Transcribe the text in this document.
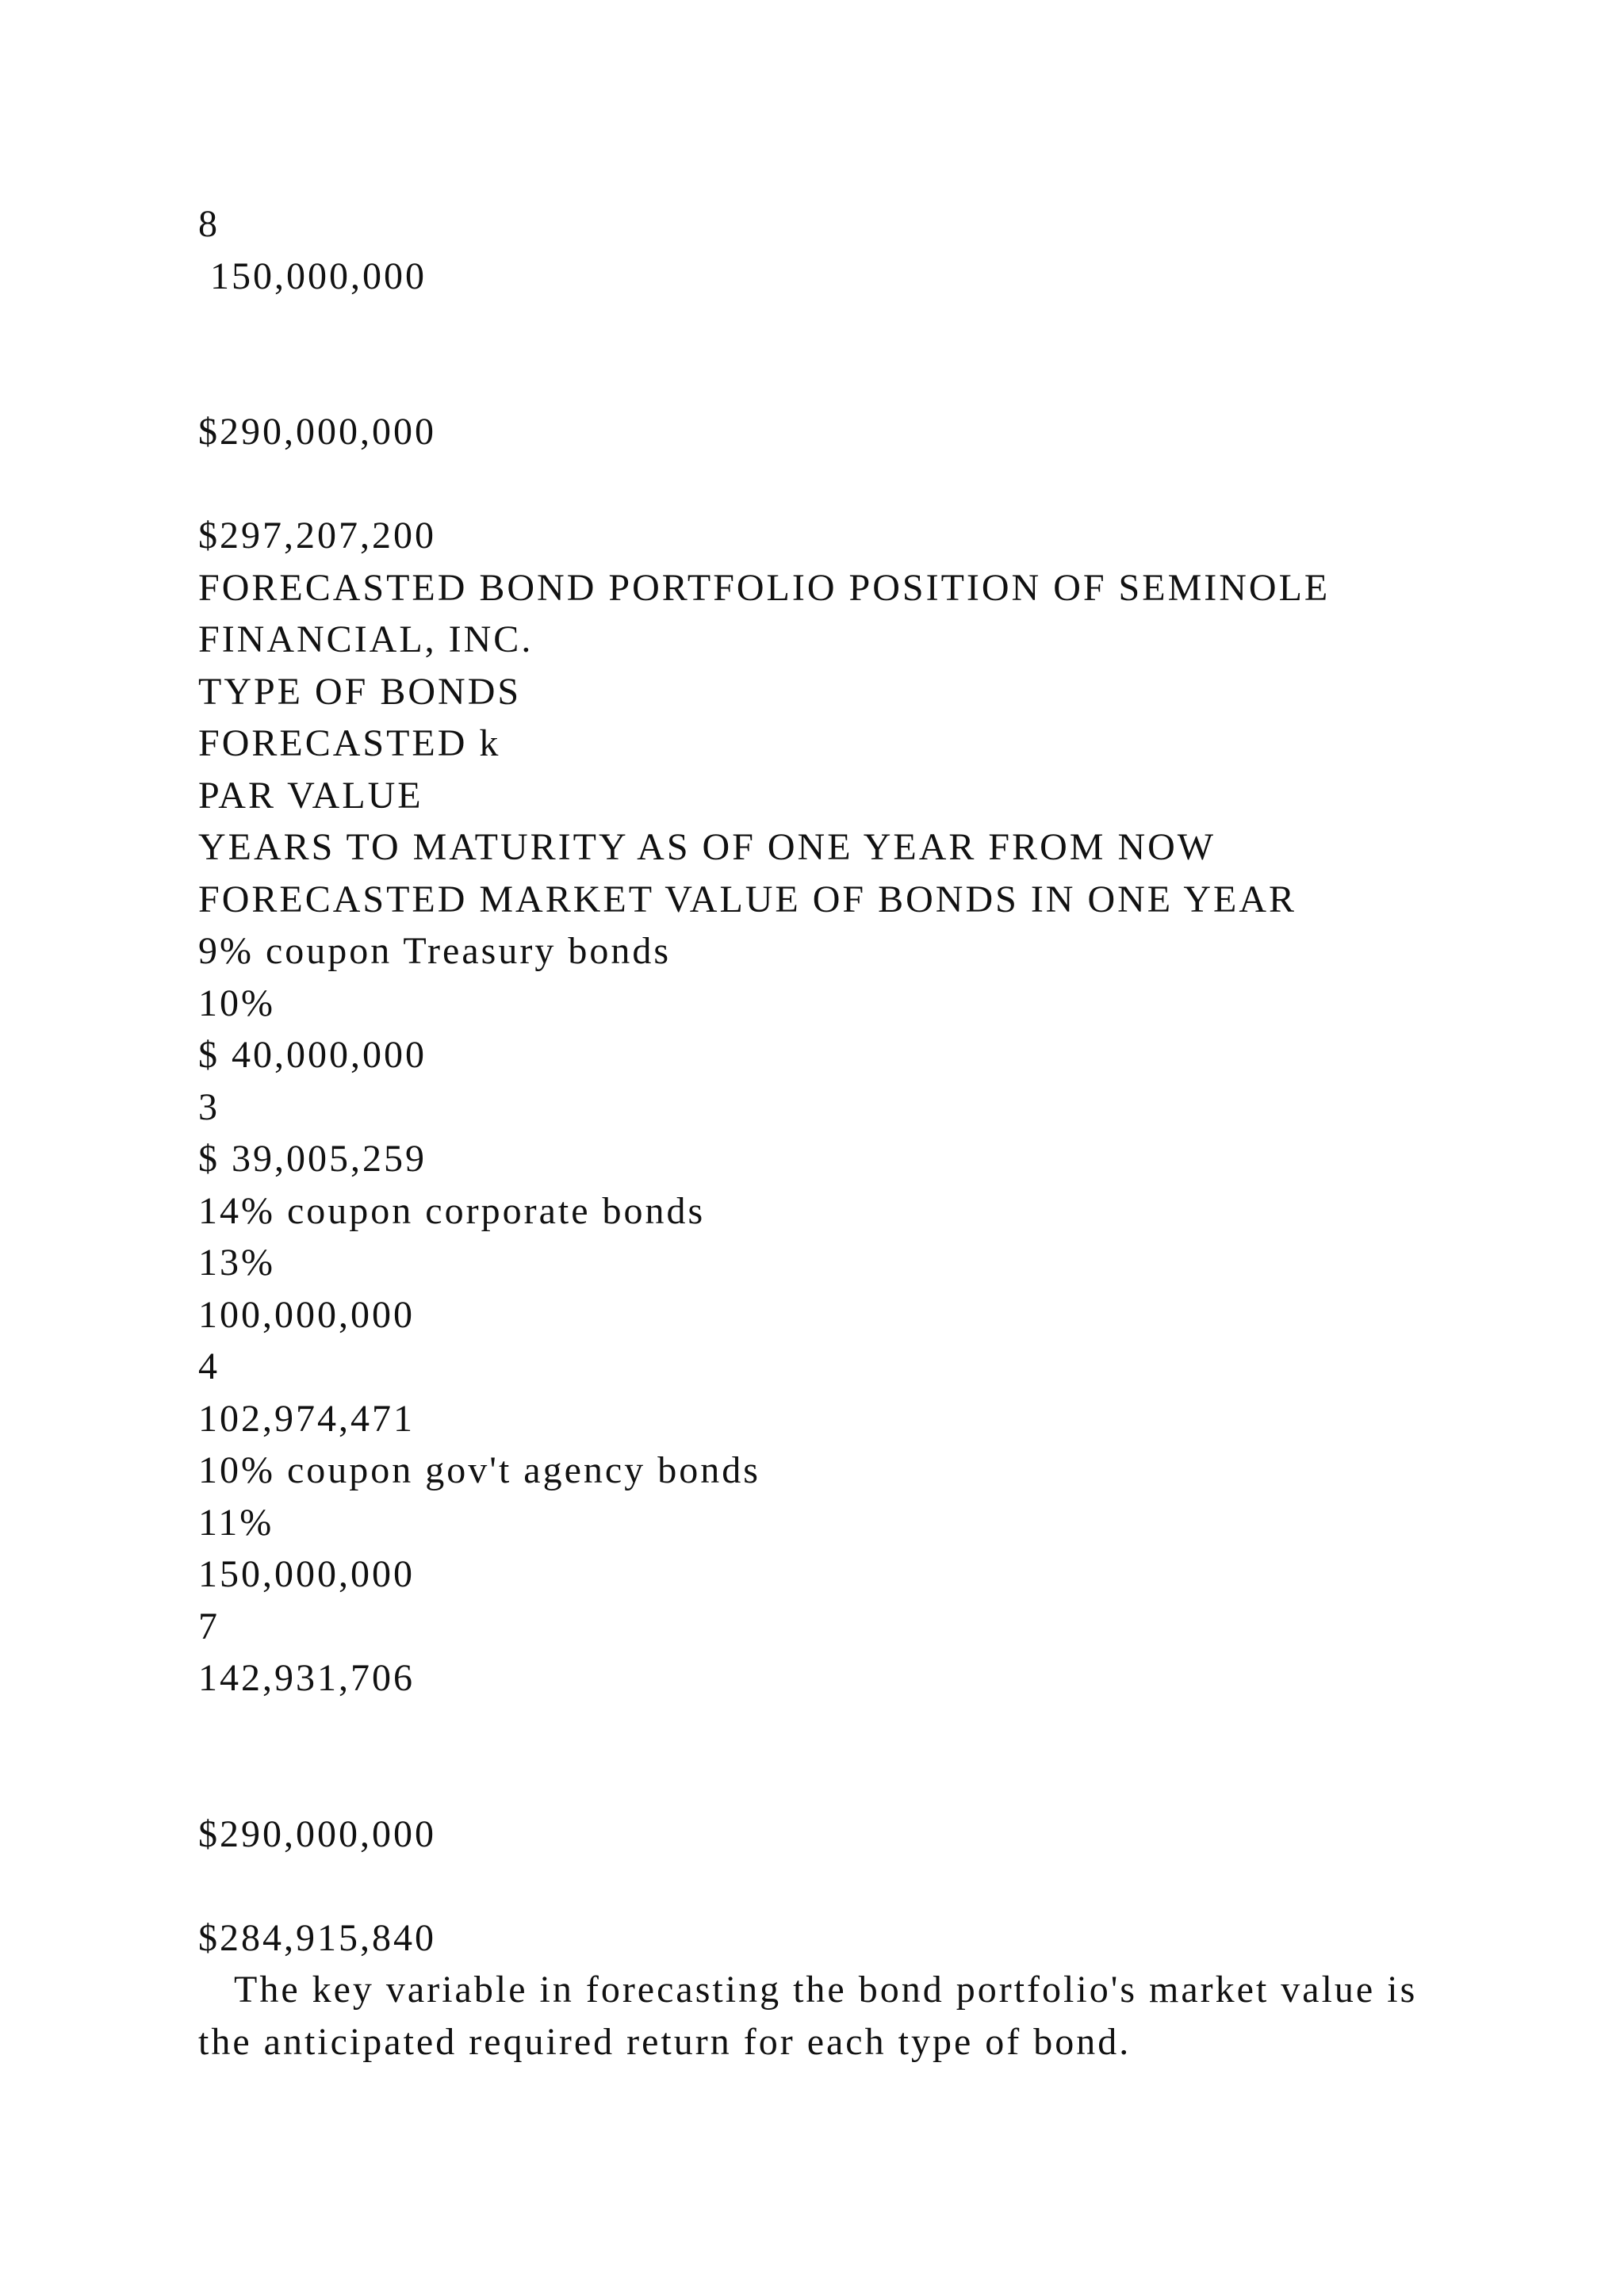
8
150,000,000
$290,000,000
$297,207,200
FORECASTED BOND PORTFOLIO POSITION OF SEMINOLE FINANCIAL, INC.
TYPE OF BONDS
FORECASTED k
PAR VALUE
YEARS TO MATURITY AS OF ONE YEAR FROM NOW
FORECASTED MARKET VALUE OF BONDS IN ONE YEAR
9% coupon Treasury bonds
10%
$ 40,000,000
3
$ 39,005,259
14% coupon corporate bonds
13%
100,000,000
4
102,974,471
10% coupon gov't agency bonds
11%
150,000,000
7
142,931,706
$290,000,000
$284,915,840
The key variable in forecasting the bond portfolio's market value is the anticipated required return for each type of bond.
